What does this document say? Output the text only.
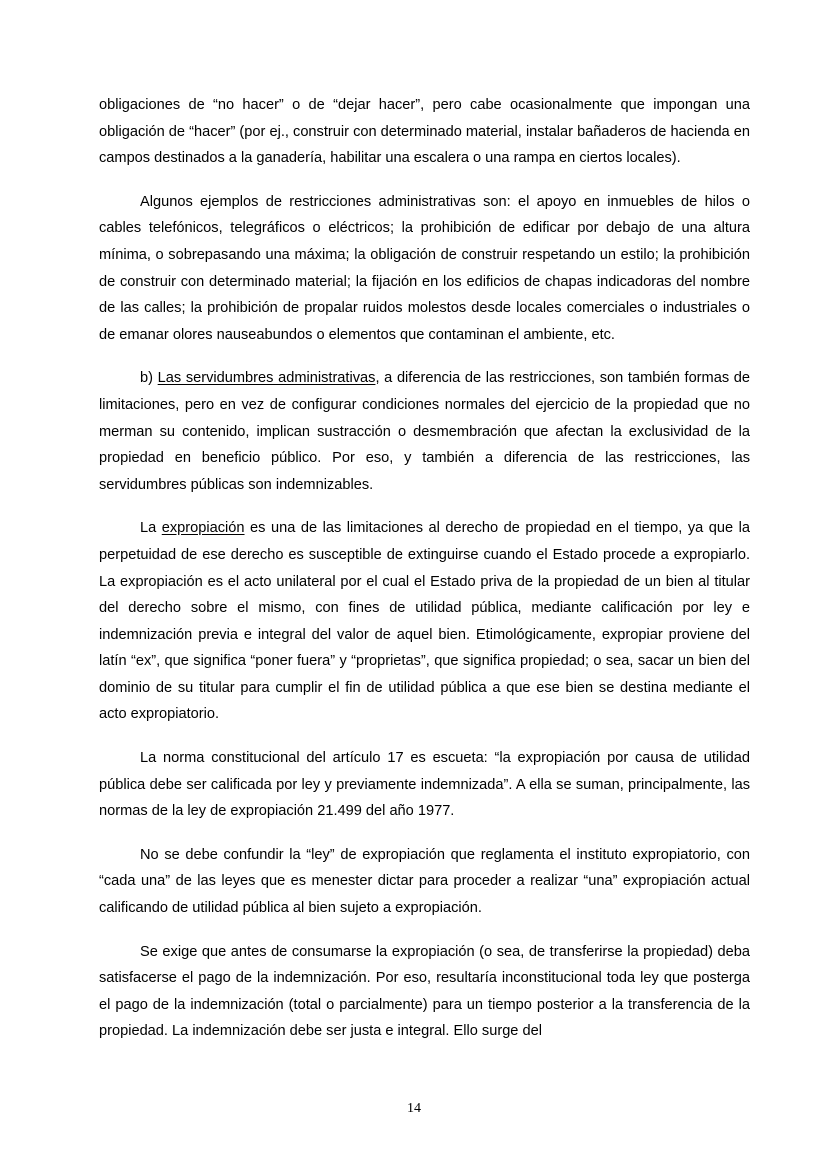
obligaciones de “no hacer” o de “dejar hacer”, pero cabe ocasionalmente que impongan una obligación de “hacer” (por ej., construir con determinado material, instalar bañaderos de hacienda en campos destinados a la ganadería, habilitar una escalera o una rampa en ciertos locales).

Algunos ejemplos de restricciones administrativas son: el apoyo en inmuebles de hilos o cables telefónicos, telegráficos o eléctricos; la prohibición de edificar por debajo de una altura mínima, o sobrepasando una máxima; la obligación de construir respetando un estilo; la prohibición de construir con determinado material; la fijación en los edificios de chapas indicadoras del nombre de las calles; la prohibición de propalar ruidos molestos desde locales comerciales o industriales o de emanar olores nauseabundos o elementos que contaminan el ambiente, etc.

b) Las servidumbres administrativas, a diferencia de las restricciones, son también formas de limitaciones, pero en vez de configurar condiciones normales del ejercicio de la propiedad que no merman su contenido, implican sustracción o desmembración que afectan la exclusividad de la propiedad en beneficio público. Por eso, y también a diferencia de las restricciones, las servidumbres públicas son indemnizables.

La expropiación es una de las limitaciones al derecho de propiedad en el tiempo, ya que la perpetuidad de ese derecho es susceptible de extinguirse cuando el Estado procede a expropiarlo. La expropiación es el acto unilateral por el cual el Estado priva de la propiedad de un bien al titular del derecho sobre el mismo, con fines de utilidad pública, mediante calificación por ley e indemnización previa e integral del valor de aquel bien. Etimológicamente, expropiar proviene del latín “ex”, que significa “poner fuera” y “proprietas”, que significa propiedad; o sea, sacar un bien del dominio de su titular para cumplir el fin de utilidad pública a que ese bien se destina mediante el acto expropiatorio.

La norma constitucional del artículo 17 es escueta: “la expropiación por causa de utilidad pública debe ser calificada por ley y previamente indemnizada”. A ella se suman, principalmente, las normas de la ley de expropiación 21.499 del año 1977.

No se debe confundir la “ley” de expropiación que reglamenta el instituto expropiatorio, con “cada una” de las leyes que es menester dictar para proceder a realizar “una” expropiación actual calificando de utilidad pública al bien sujeto a expropiación.

Se exige que antes de consumarse la expropiación (o sea, de transferirse la propiedad) deba satisfacerse el pago de la indemnización. Por eso, resultaría inconstitucional toda ley que posterga el pago de la indemnización (total o parcialmente) para un tiempo posterior a la transferencia de la propiedad. La indemnización debe ser justa e integral. Ello surge del

14
